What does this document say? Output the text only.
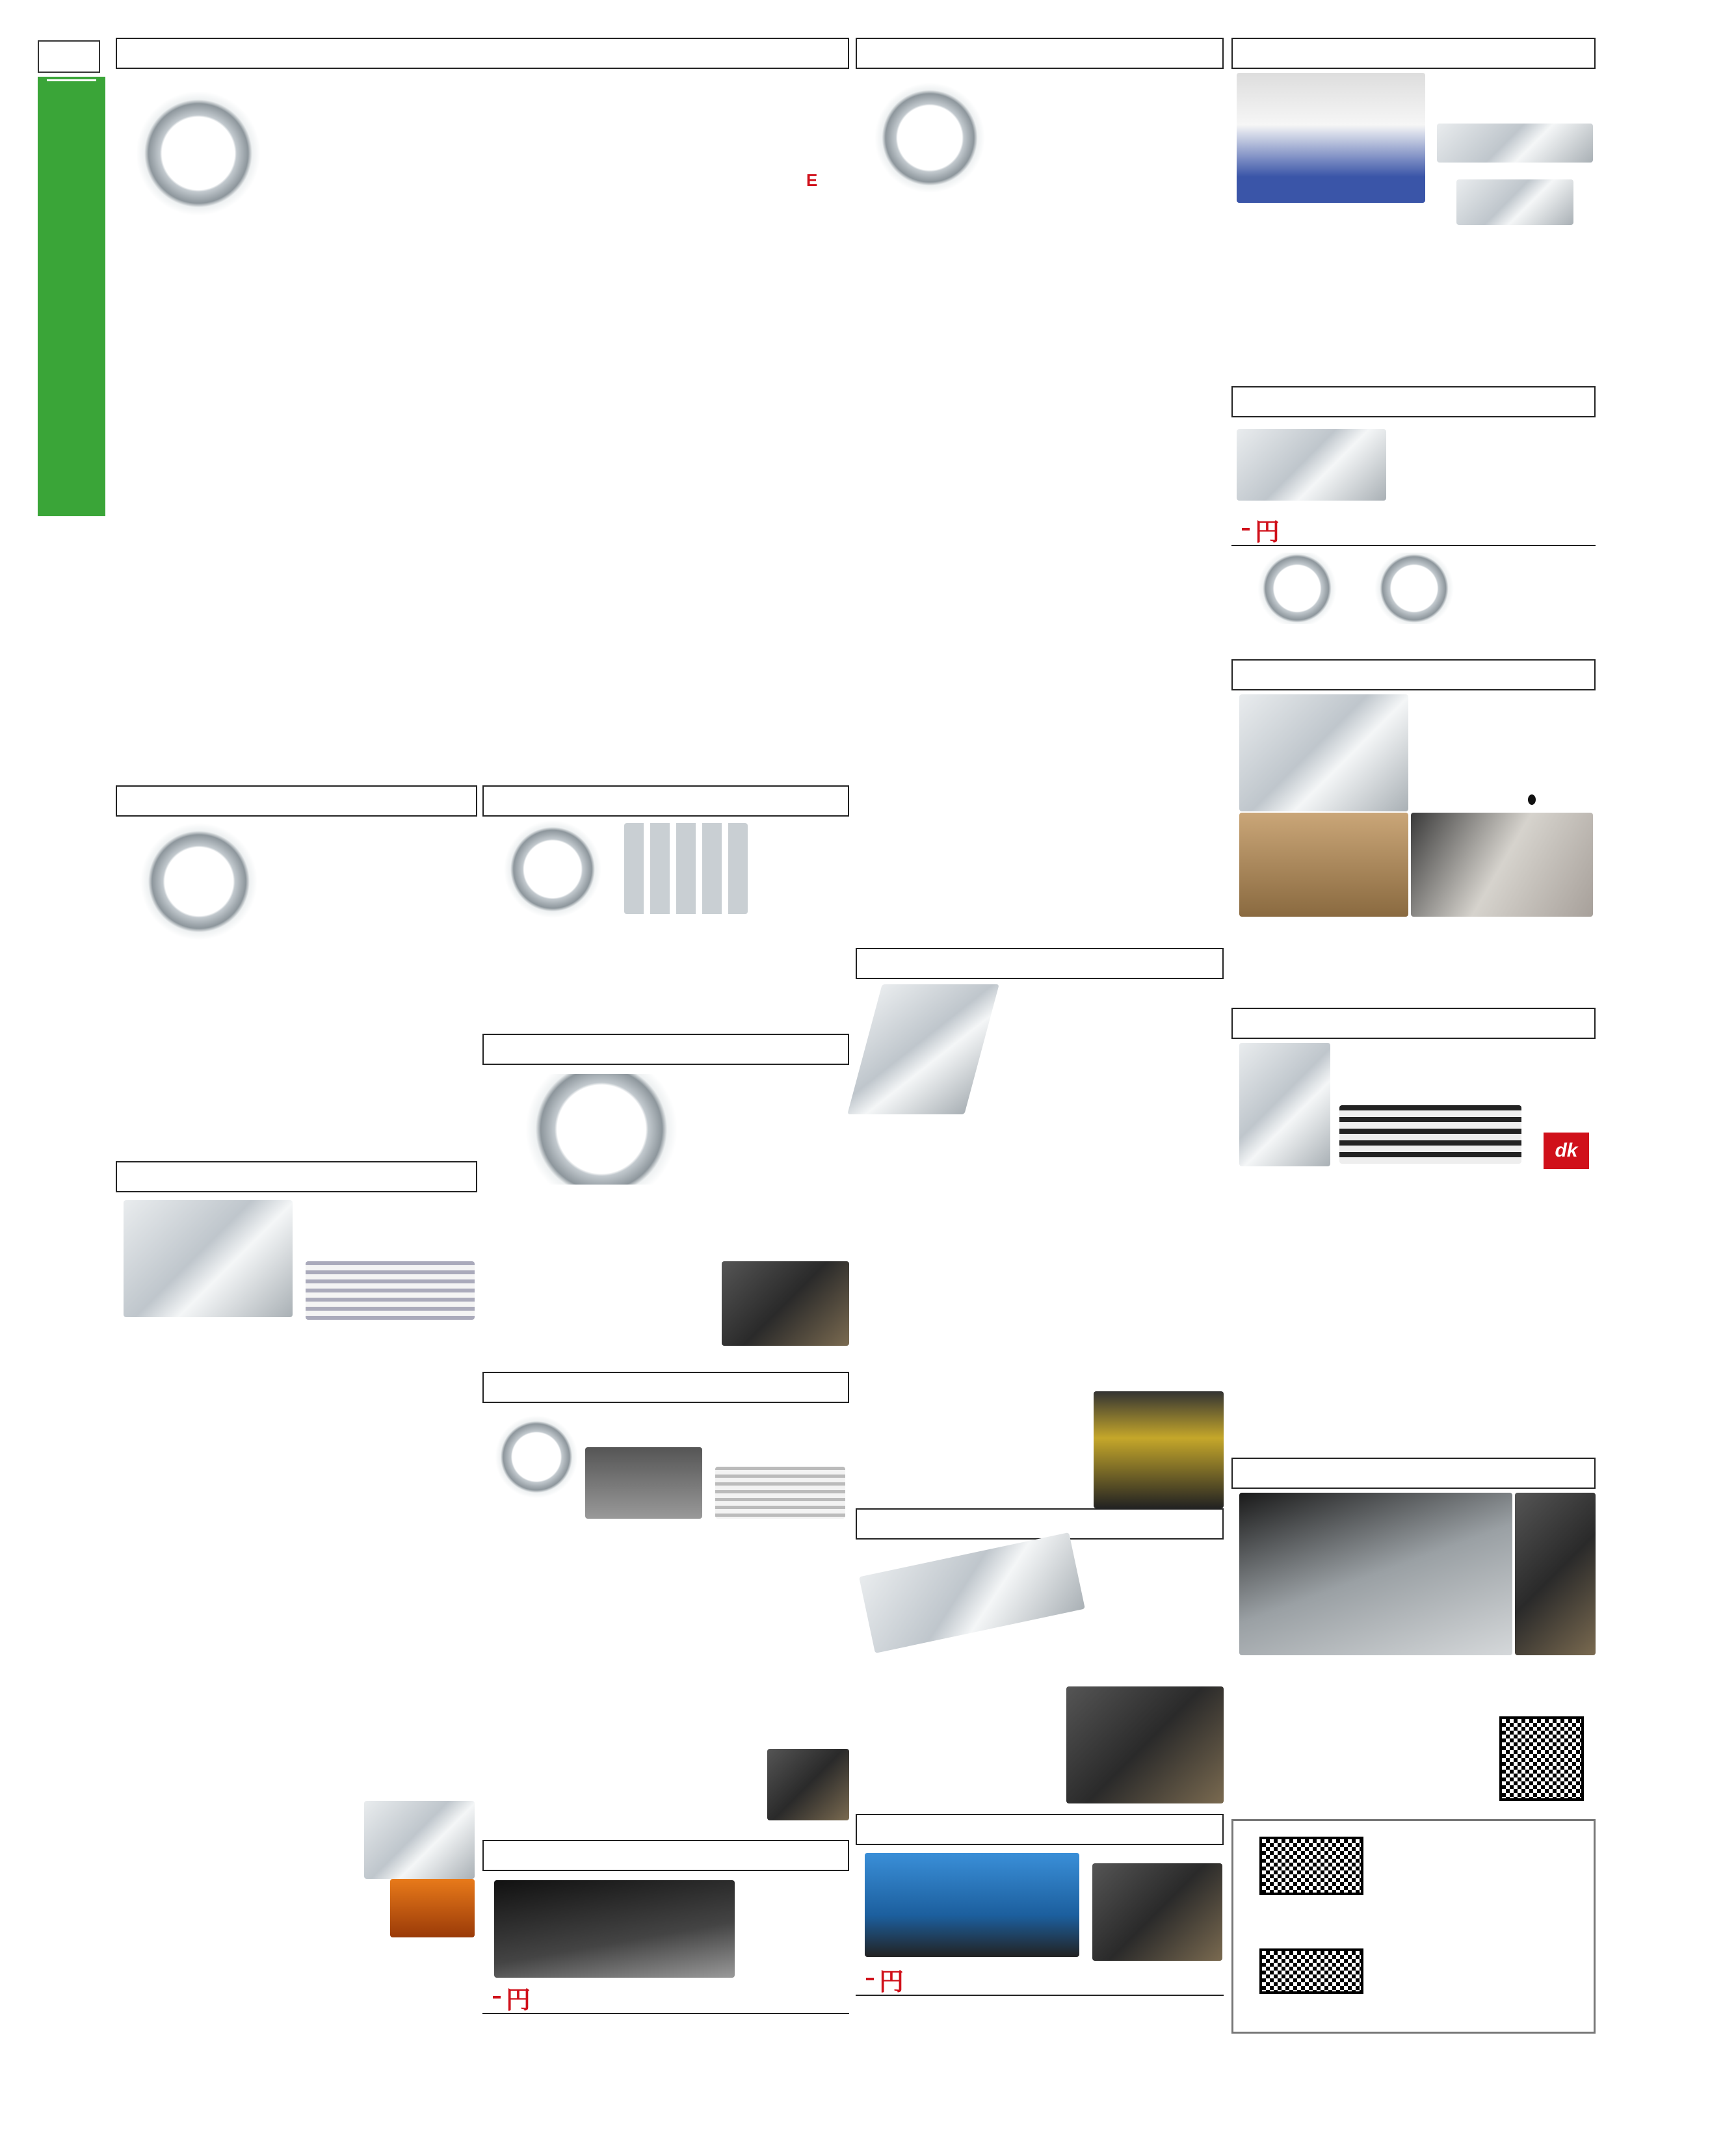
E
円
dk
円
円
